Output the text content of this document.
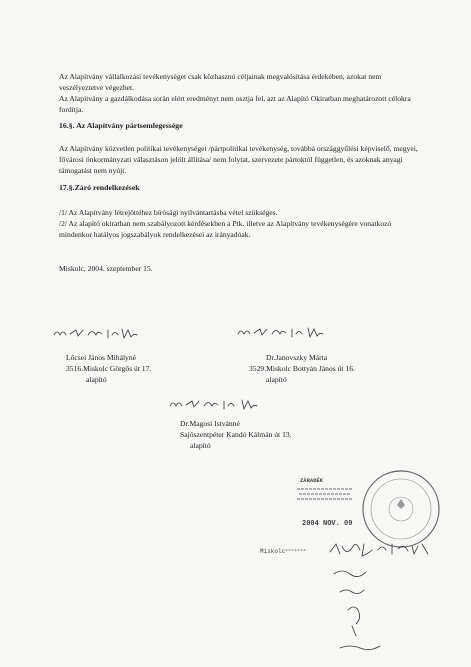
Az Alapítvány vállalkozási tevékenységet csak közhasznú céljainak megvalósítása érdekében, azokat nem veszélyeztetve végezhet.

Az Alapítvány a gazdálkodása során elért eredményt nem osztja fel, azt az Alapító Okiratban meghatározott célokra fordítja.

16.§. Az Alapítvány pártsemlegessége

Az Alapítvány közvetlen politikai tevékenységet /pártpolitikai tevékenység, továbbá országgyűlési képviselő, megyei, fővárosi önkormányzati választáson jelölt állítása/ nem folytat, szervezete pártoktól független, és azoknak anyagi támogatást nem nyújt.

17.§.Záró rendelkezések

/1/ Az Alapítvány létrejöttéhez bírósági nyilvántartásba vétel szükséges.

/2/ Az alapító okiratban nem szabályozott kérdésekben a Ptk. illetve az Alapítvány tevékenységére vonatkozó mindenkor hatályos jogszabályok rendelkezései az irányadóak.

Miskolc, 2004. szeptember 15.

Lőcsei János Mihályné
3516.Miskolc Görgős út 17.
alapító
Dr.Janovszky Márta
3529.Miskolc Bottyán János út 16.
alapító
Dr.Magosi Istvánné
Sajószentpéter Kandó Kálmán út 13.
alapító
ZÁRADÉK
2004 NOV. 09
Miskolc
